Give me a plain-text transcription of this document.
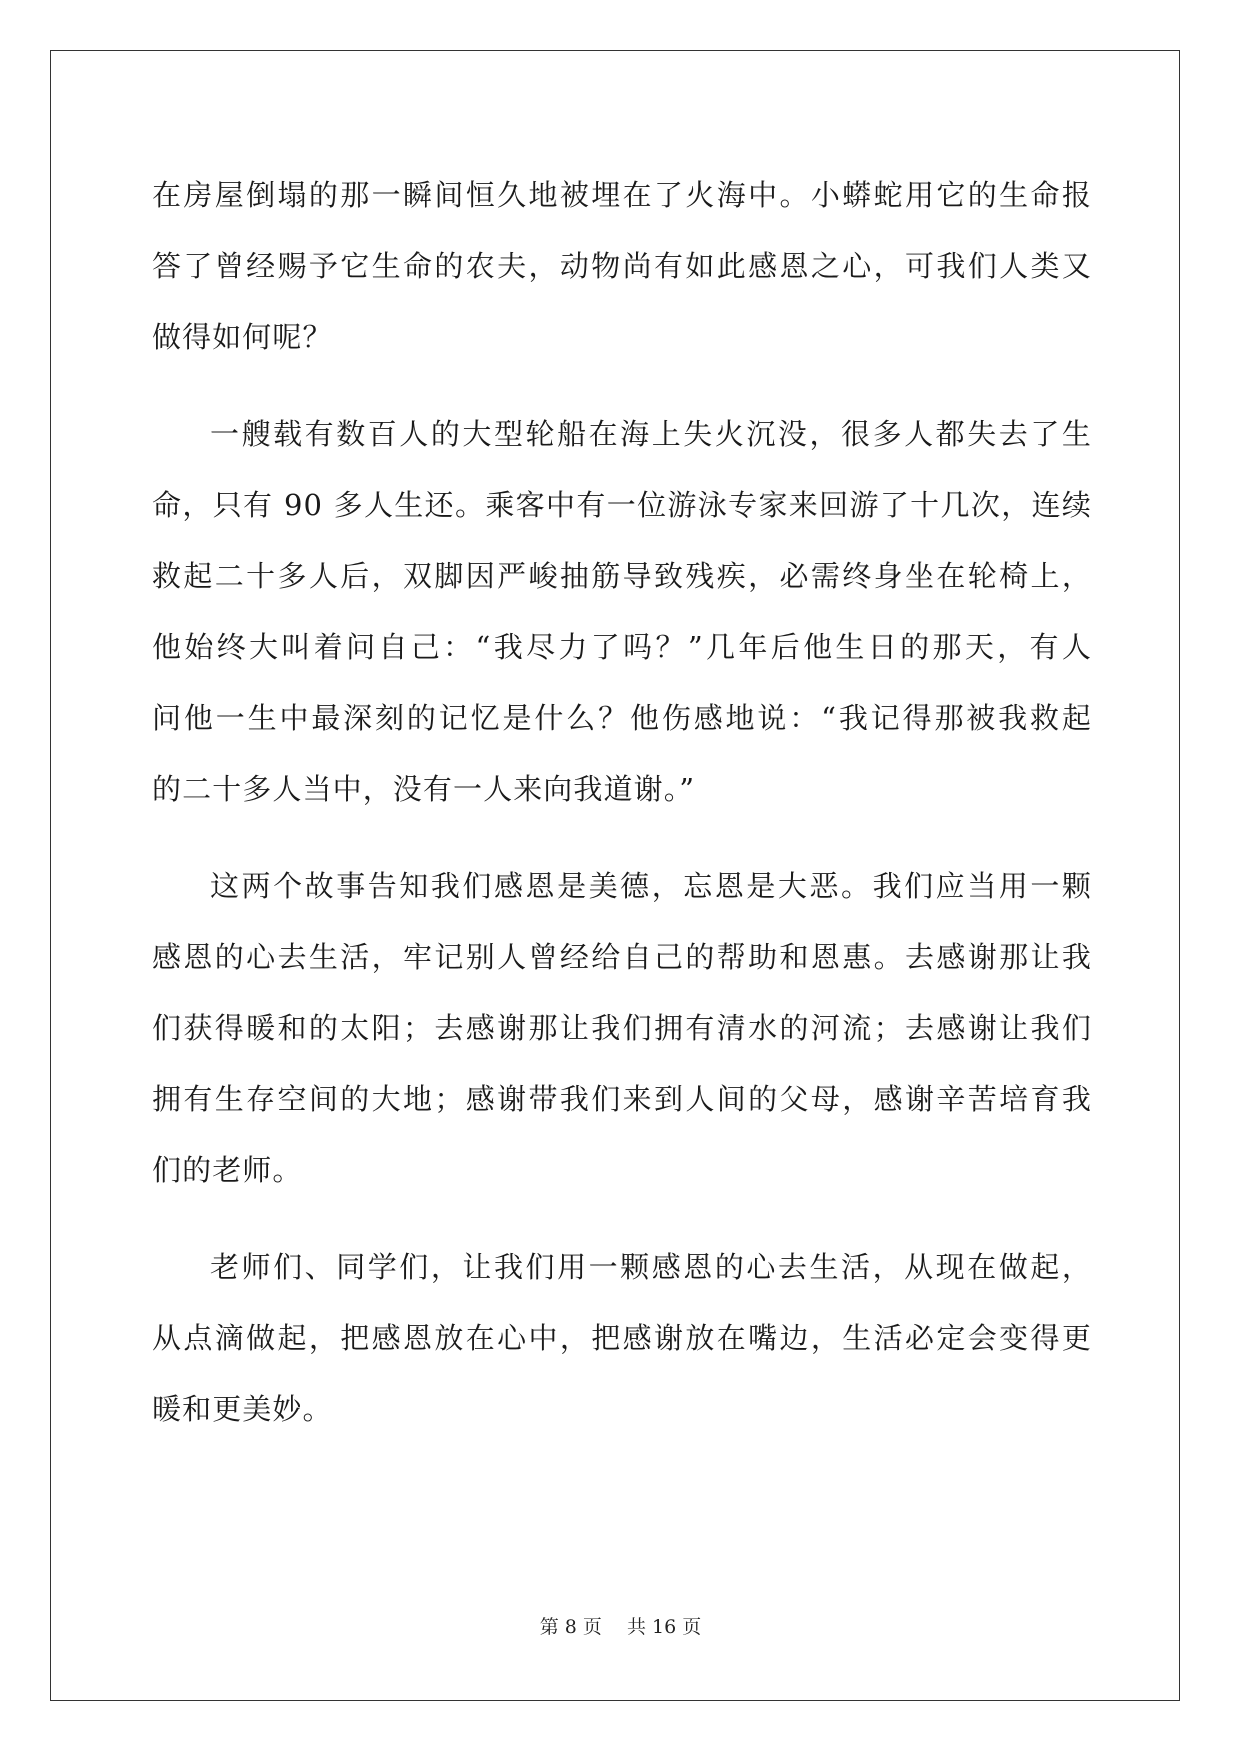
在房屋倒塌的那一瞬间恒久地被埋在了火海中。小蟒蛇用它的生命报
答了曾经赐予它生命的农夫，动物尚有如此感恩之心，可我们人类又
做得如何呢？
一艘载有数百人的大型轮船在海上失火沉没，很多人都失去了生
命，只有 90 多人生还。乘客中有一位游泳专家来回游了十几次，连续
救起二十多人后，双脚因严峻抽筋导致残疾，必需终身坐在轮椅上，
他始终大叫着问自己：“我尽力了吗？”几年后他生日的那天，有人
问他一生中最深刻的记忆是什么？他伤感地说：“我记得那被我救起
的二十多人当中，没有一人来向我道谢。”
这两个故事告知我们感恩是美德，忘恩是大恶。我们应当用一颗
感恩的心去生活，牢记别人曾经给自己的帮助和恩惠。去感谢那让我
们获得暖和的太阳；去感谢那让我们拥有清水的河流；去感谢让我们
拥有生存空间的大地；感谢带我们来到人间的父母，感谢辛苦培育我
们的老师。
老师们、同学们，让我们用一颗感恩的心去生活，从现在做起，
从点滴做起，把感恩放在心中，把感谢放在嘴边，生活必定会变得更
暖和更美妙。
第 8 页　 共 16 页
